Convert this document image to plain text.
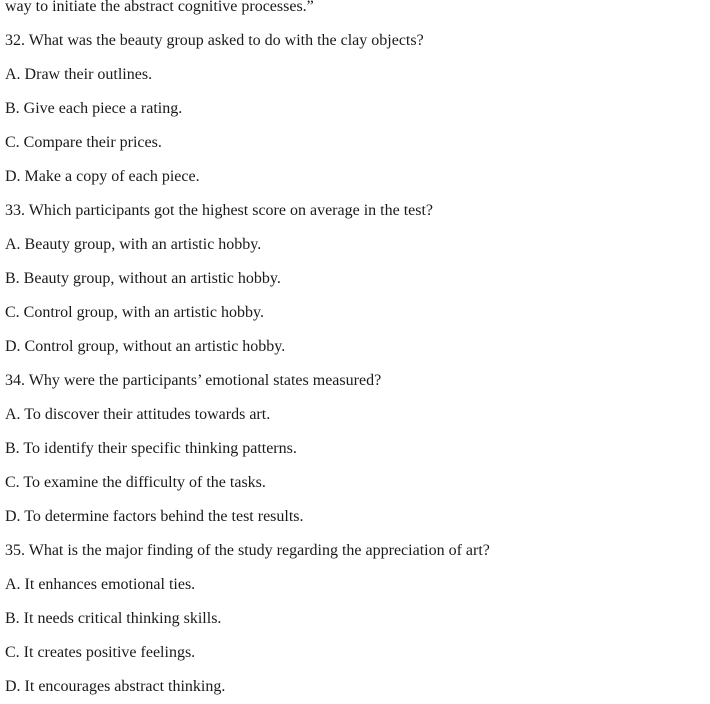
way to initiate the abstract cognitive processes.”
32. What was the beauty group asked to do with the clay objects?
A. Draw their outlines.
B. Give each piece a rating.
C. Compare their prices.
D. Make a copy of each piece.
33. Which participants got the highest score on average in the test?
A. Beauty group, with an artistic hobby.
B. Beauty group, without an artistic hobby.
C. Control group, with an artistic hobby.
D. Control group, without an artistic hobby.
34. Why were the participants’ emotional states measured?
A. To discover their attitudes towards art.
B. To identify their specific thinking patterns.
C. To examine the difficulty of the tasks.
D. To determine factors behind the test results.
35. What is the major finding of the study regarding the appreciation of art?
A. It enhances emotional ties.
B. It needs critical thinking skills.
C. It creates positive feelings.
D. It encourages abstract thinking.
